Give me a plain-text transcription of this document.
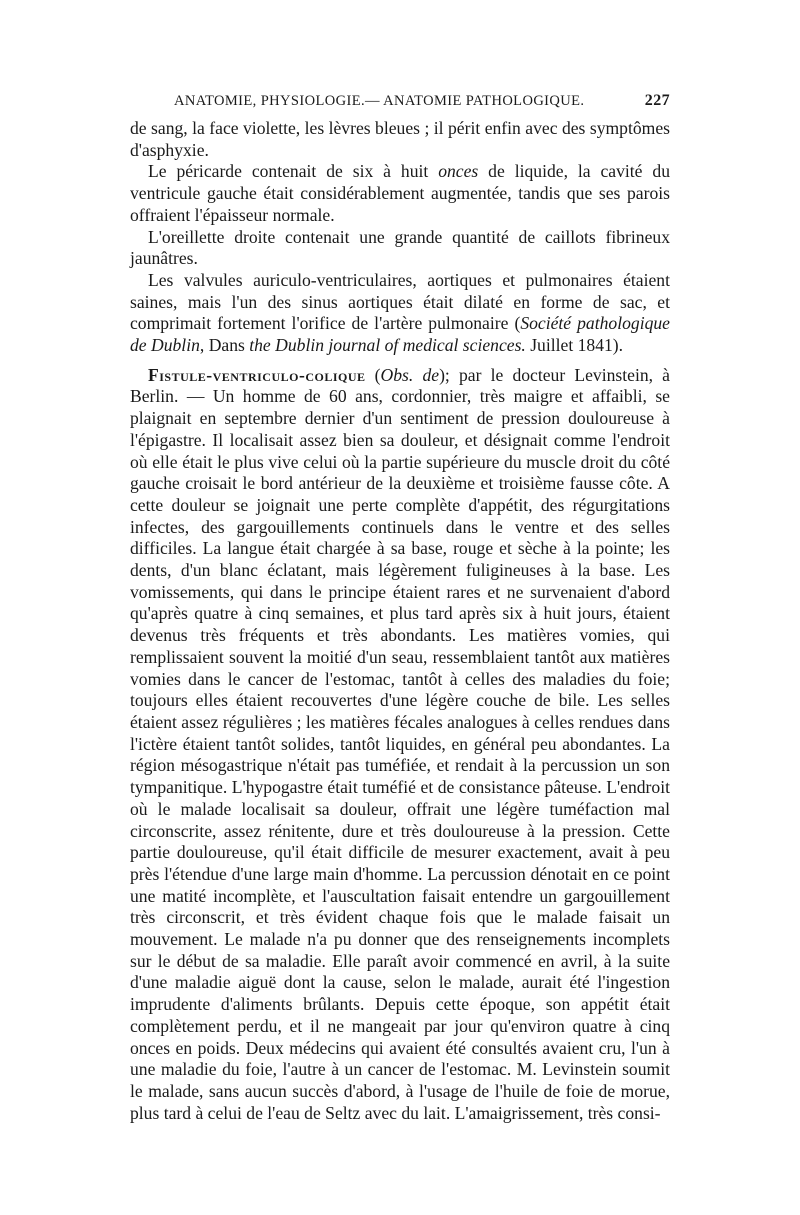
ANATOMIE, PHYSIOLOGIE.— ANATOMIE PATHOLOGIQUE.	227

de sang, la face violette, les lèvres bleues ; il périt enfin avec des symptômes d'asphyxie.

Le péricarde contenait de six à huit onces de liquide, la cavité du ventricule gauche était considérablement augmentée, tandis que ses parois offraient l'épaisseur normale.

L'oreillette droite contenait une grande quantité de caillots fibrineux jaunâtres.

Les valvules auriculo-ventriculaires, aortiques et pulmonaires étaient saines, mais l'un des sinus aortiques était dilaté en forme de sac, et comprimait fortement l'orifice de l'artère pulmonaire (Société pathologique de Dublin, Dans the Dublin journal of medical sciences. Juillet 1841).

Fistule-ventriculo-colique (Obs. de); par le docteur Levinstein, à Berlin. — Un homme de 60 ans, cordonnier, très maigre et affaibli, se plaignait en septembre dernier d'un sentiment de pression douloureuse à l'épigastre. Il localisait assez bien sa douleur, et désignait comme l'endroit où elle était le plus vive celui où la partie supérieure du muscle droit du côté gauche croisait le bord antérieur de la deuxième et troisième fausse côte. A cette douleur se joignait une perte complète d'appétit, des régurgitations infectes, des gargouillements continuels dans le ventre et des selles difficiles. La langue était chargée à sa base, rouge et sèche à la pointe; les dents, d'un blanc éclatant, mais légèrement fuligineuses à la base. Les vomissements, qui dans le principe étaient rares et ne survenaient d'abord qu'après quatre à cinq semaines, et plus tard après six à huit jours, étaient devenus très fréquents et très abondants. Les matières vomies, qui remplissaient souvent la moitié d'un seau, ressemblaient tantôt aux matières vomies dans le cancer de l'estomac, tantôt à celles des maladies du foie; toujours elles étaient recouvertes d'une légère couche de bile. Les selles étaient assez régulières ; les matières fécales analogues à celles rendues dans l'ictère étaient tantôt solides, tantôt liquides, en général peu abondantes. La région mésogastrique n'était pas tuméfiée, et rendait à la percussion un son tympanitique. L'hypogastre était tuméfié et de consistance pâteuse. L'endroit où le malade localisait sa douleur, offrait une légère tuméfaction mal circonscrite, assez rénitente, dure et très douloureuse à la pression. Cette partie douloureuse, qu'il était difficile de mesurer exactement, avait à peu près l'étendue d'une large main d'homme. La percussion dénotait en ce point une matité incomplète, et l'auscultation faisait entendre un gargouillement très circonscrit, et très évident chaque fois que le malade faisait un mouvement. Le malade n'a pu donner que des renseignements incomplets sur le début de sa maladie. Elle paraît avoir commencé en avril, à la suite d'une maladie aiguë dont la cause, selon le malade, aurait été l'ingestion imprudente d'aliments brûlants. Depuis cette époque, son appétit était complètement perdu, et il ne mangeait par jour qu'environ quatre à cinq onces en poids. Deux médecins qui avaient été consultés avaient cru, l'un à une maladie du foie, l'autre à un cancer de l'estomac. M. Levinstein soumit le malade, sans aucun succès d'abord, à l'usage de l'huile de foie de morue, plus tard à celui de l'eau de Seltz avec du lait. L'amaigrissement, très consi-
